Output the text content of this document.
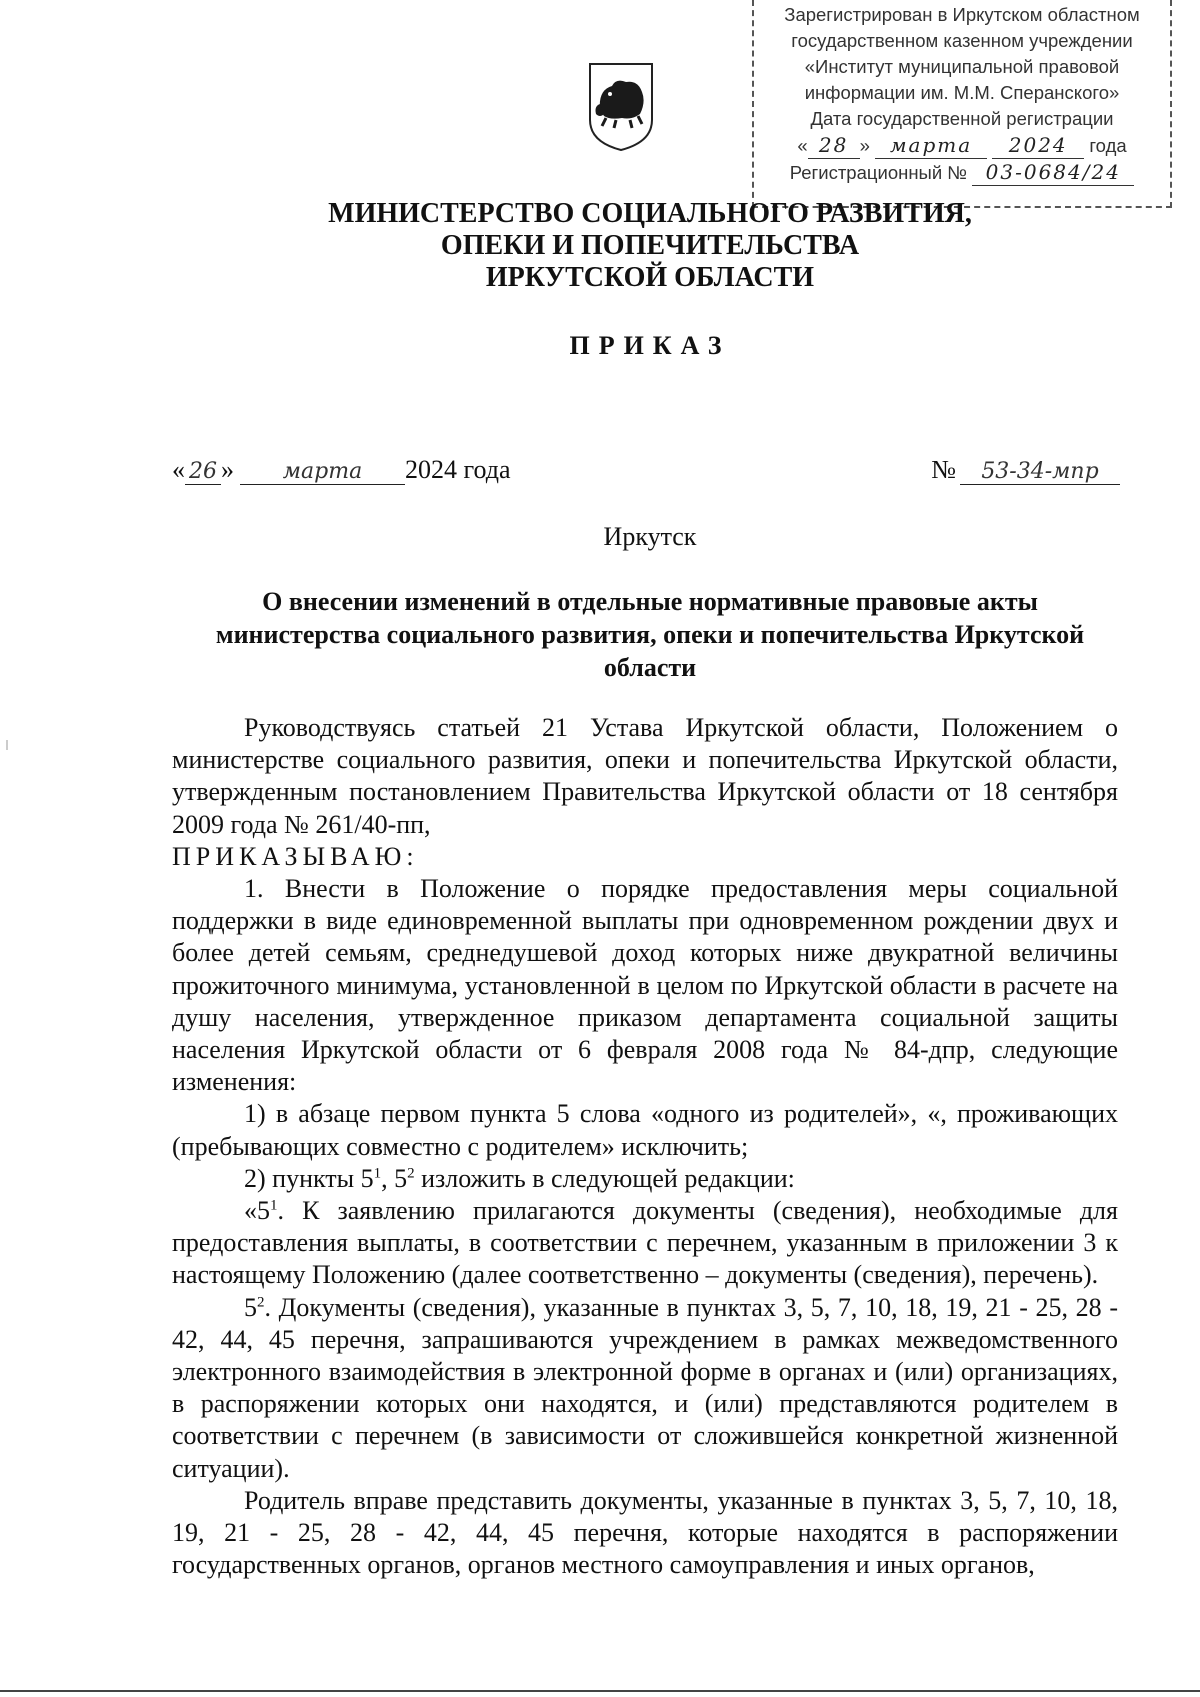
Зарегистрирован в Иркутском областном
государственном казенном учреждении
«Институт муниципальной правовой
информации им. М.М. Сперанского»
Дата государственной регистрации
« 28 » марта 2024 года
Регистрационный № 03-0684/24
МИНИСТЕРСТВО СОЦИАЛЬНОГО РАЗВИТИЯ,
ОПЕКИ И ПОПЕЧИТЕЛЬСТВА
ИРКУТСКОЙ ОБЛАСТИ
ПРИКАЗ
« 26 » марта 2024 года	№ 53-34-мпр
Иркутск
О внесении изменений в отдельные нормативные правовые акты
министерства социального развития, опеки и попечительства Иркутской
области

Руководствуясь статьей 21 Устава Иркутской области, Положением о министерстве социального развития, опеки и попечительства Иркутской области, утвержденным постановлением Правительства Иркутской области от 18 сентября 2009 года № 261/40-пп,

ПРИКАЗЫВАЮ:

1. Внести в Положение о порядке предоставления меры социальной поддержки в виде единовременной выплаты при одновременном рождении двух и более детей семьям, среднедушевой доход которых ниже двукратной величины прожиточного минимума, установленной в целом по Иркутской области в расчете на душу населения, утвержденное приказом департамента социальной защиты населения Иркутской области от 6 февраля 2008 года № 84-дпр, следующие изменения:

1) в абзаце первом пункта 5 слова «одного из родителей», «, проживающих (пребывающих совместно с родителем» исключить;

2) пункты $5^1$, $5^2$ изложить в следующей редакции:

«$5^1$. К заявлению прилагаются документы (сведения), необходимые для предоставления выплаты, в соответствии с перечнем, указанным в приложении 3 к настоящему Положению (далее соответственно – документы (сведения), перечень).

$5^2$. Документы (сведения), указанные в пунктах 3, 5, 7, 10, 18, 19, 21 - 25, 28 - 42, 44, 45 перечня, запрашиваются учреждением в рамках межведомственного электронного взаимодействия в электронной форме в органах и (или) организациях, в распоряжении которых они находятся, и (или) представляются родителем в соответствии с перечнем (в зависимости от сложившейся конкретной жизненной ситуации).

Родитель вправе представить документы, указанные в пунктах 3, 5, 7, 10, 18, 19, 21 - 25, 28 - 42, 44, 45 перечня, которые находятся в распоряжении государственных органов, органов местного самоуправления и иных органов,
